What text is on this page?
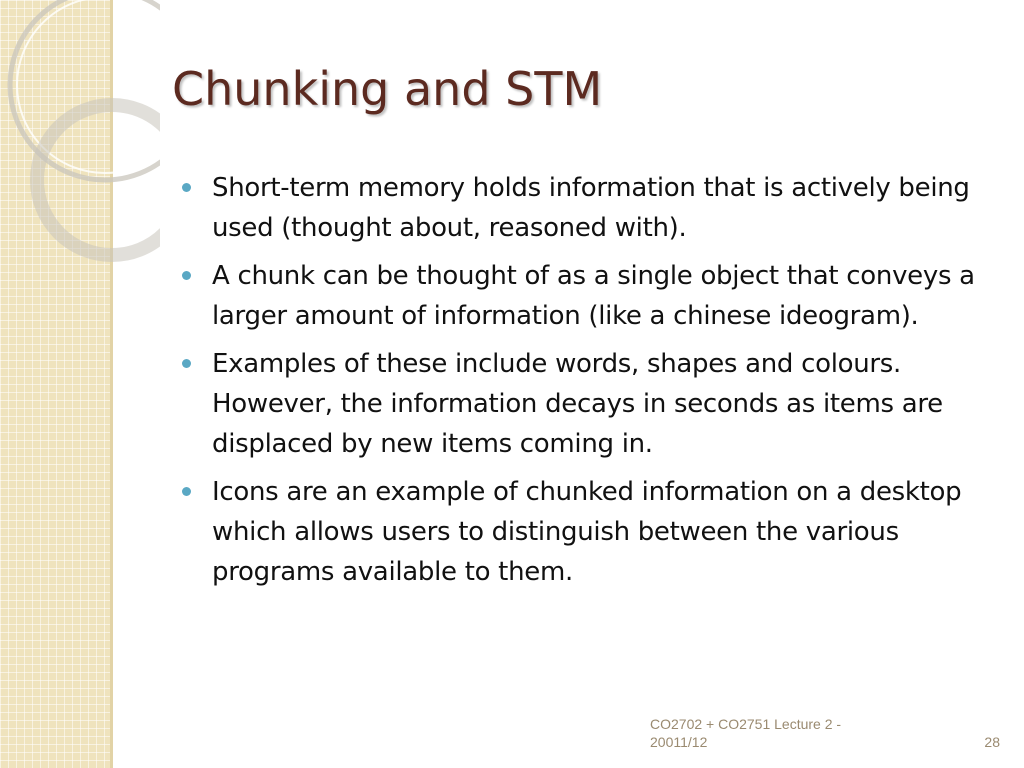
Chunking and STM
Short-term memory holds information that is actively being used (thought about, reasoned with).
A chunk can be thought of as a single object that conveys a larger amount of information (like a chinese ideogram).
Examples of these include words, shapes and colours. However, the information decays in seconds as items are displaced by new items coming in.
Icons are an example of chunked information on a desktop which allows users to distinguish between the various programs available to them.
CO2702 + CO2751 Lecture 2 -
20011/12	28
